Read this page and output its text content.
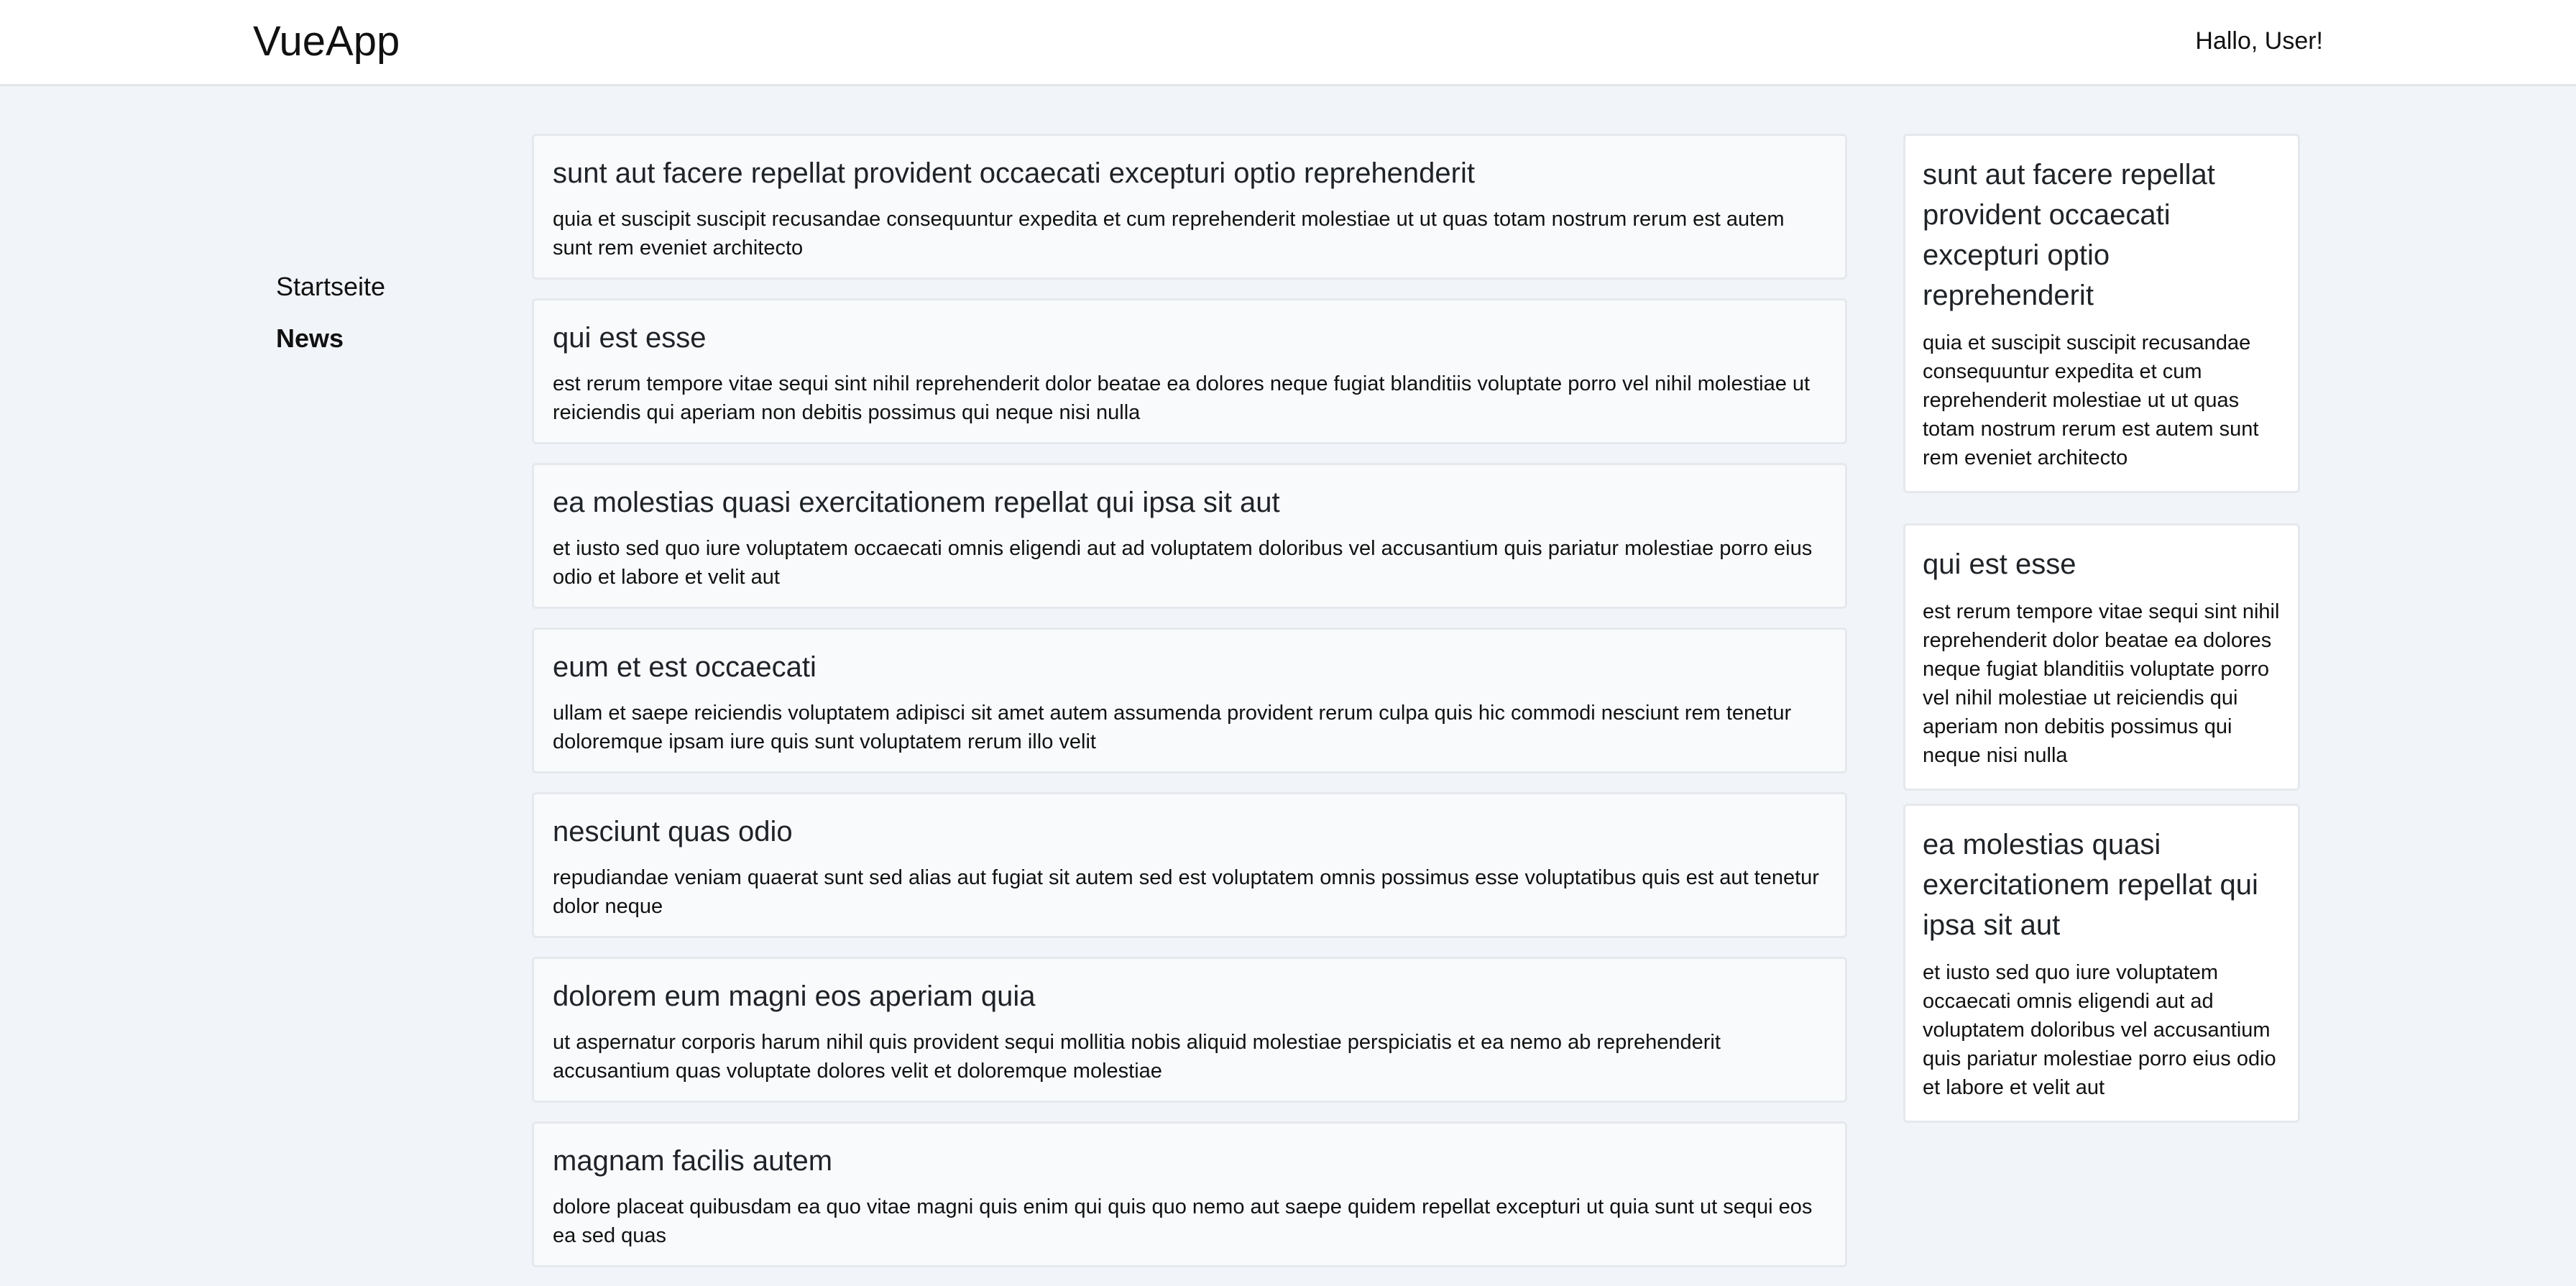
VueApp	Hallo, User!
Startseite
News
sunt aut facere repellat provident occaecati excepturi optio reprehenderit

quia et suscipit suscipit recusandae consequuntur expedita et cum reprehenderit molestiae ut ut quas totam nostrum rerum est autem sunt rem eveniet architecto

qui est esse

est rerum tempore vitae sequi sint nihil reprehenderit dolor beatae ea dolores neque fugiat blanditiis voluptate porro vel nihil molestiae ut reiciendis qui aperiam non debitis possimus qui neque nisi nulla

ea molestias quasi exercitationem repellat qui ipsa sit aut

et iusto sed quo iure voluptatem occaecati omnis eligendi aut ad voluptatem doloribus vel accusantium quis pariatur molestiae porro eius odio et labore et velit aut

eum et est occaecati

ullam et saepe reiciendis voluptatem adipisci sit amet autem assumenda provident rerum culpa quis hic commodi nesciunt rem tenetur doloremque ipsam iure quis sunt voluptatem rerum illo velit

nesciunt quas odio

repudiandae veniam quaerat sunt sed alias aut fugiat sit autem sed est voluptatem omnis possimus esse voluptatibus quis est aut tenetur dolor neque

dolorem eum magni eos aperiam quia

ut aspernatur corporis harum nihil quis provident sequi mollitia nobis aliquid molestiae perspiciatis et ea nemo ab reprehenderit accusantium quas voluptate dolores velit et doloremque molestiae

magnam facilis autem

dolore placeat quibusdam ea quo vitae magni quis enim qui quis quo nemo aut saepe quidem repellat excepturi ut quia sunt ut sequi eos ea sed quas

sunt aut facere repellat provident occaecati excepturi optio reprehenderit

quia et suscipit suscipit recusandae consequuntur expedita et cum reprehenderit molestiae ut ut quas totam nostrum rerum est autem sunt rem eveniet architecto

qui est esse

est rerum tempore vitae sequi sint nihil reprehenderit dolor beatae ea dolores neque fugiat blanditiis voluptate porro vel nihil molestiae ut reiciendis qui aperiam non debitis possimus qui neque nisi nulla

ea molestias quasi exercitationem repellat qui ipsa sit aut

et iusto sed quo iure voluptatem occaecati omnis eligendi aut ad voluptatem doloribus vel accusantium quis pariatur molestiae porro eius odio et labore et velit aut
